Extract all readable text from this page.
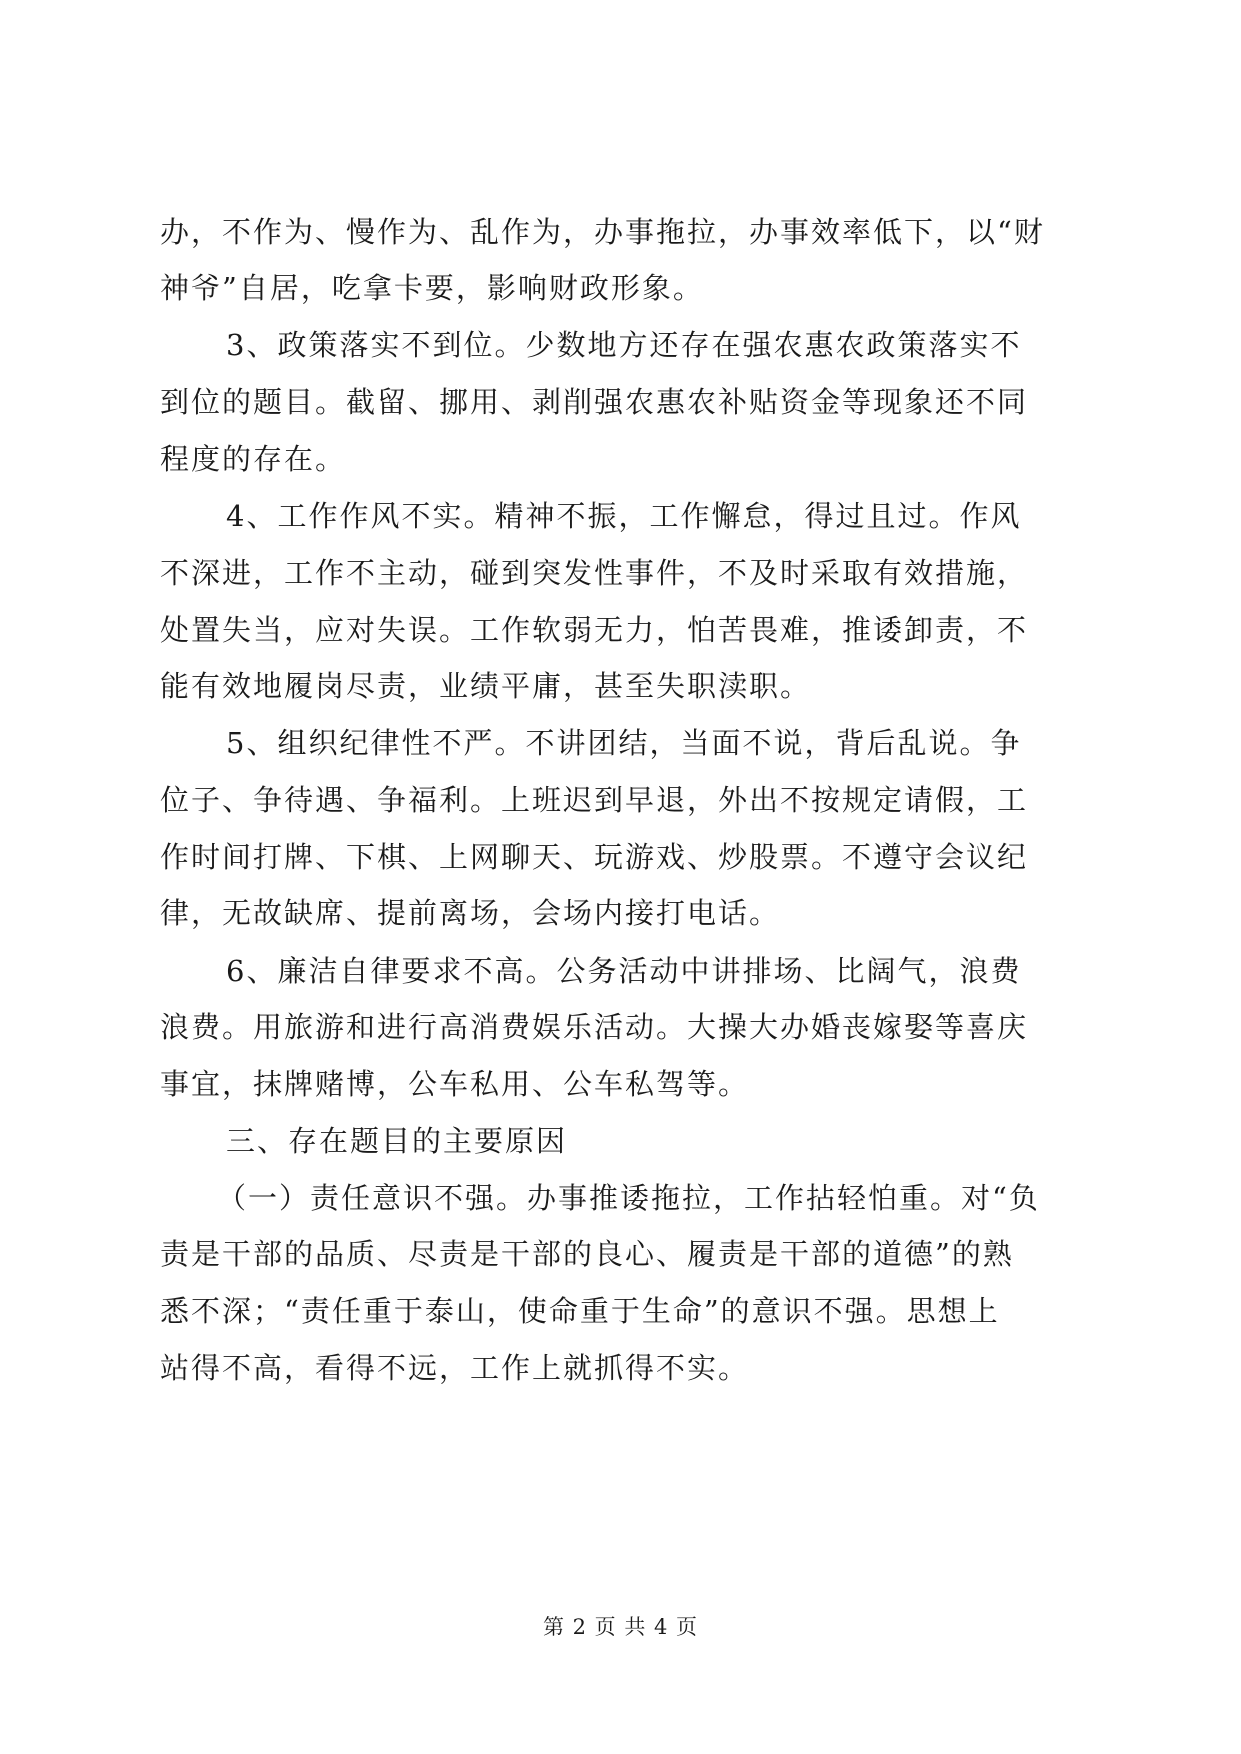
办，不作为、慢作为、乱作为，办事拖拉，办事效率低下，以“财

神爷”自居，吃拿卡要，影响财政形象。

3、政策落实不到位。少数地方还存在强农惠农政策落实不

到位的题目。截留、挪用、剥削强农惠农补贴资金等现象还不同

程度的存在。

4、工作作风不实。精神不振，工作懈怠，得过且过。作风

不深进，工作不主动，碰到突发性事件，不及时采取有效措施，

处置失当，应对失误。工作软弱无力，怕苦畏难，推诿卸责，不

能有效地履岗尽责，业绩平庸，甚至失职渎职。

5、组织纪律性不严。不讲团结，当面不说，背后乱说。争

位子、争待遇、争福利。上班迟到早退，外出不按规定请假，工

作时间打牌、下棋、上网聊天、玩游戏、炒股票。不遵守会议纪

律，无故缺席、提前离场，会场内接打电话。

6、廉洁自律要求不高。公务活动中讲排场、比阔气，浪费

浪费。用旅游和进行高消费娱乐活动。大操大办婚丧嫁娶等喜庆

事宜，抹牌赌博，公车私用、公车私驾等。

三、存在题目的主要原因

（一）责任意识不强。办事推诿拖拉，工作拈轻怕重。对“负

责是干部的品质、尽责是干部的良心、履责是干部的道德”的熟

悉不深；“责任重于泰山，使命重于生命”的意识不强。思想上

站得不高，看得不远，工作上就抓得不实。

第 2 页 共 4 页
